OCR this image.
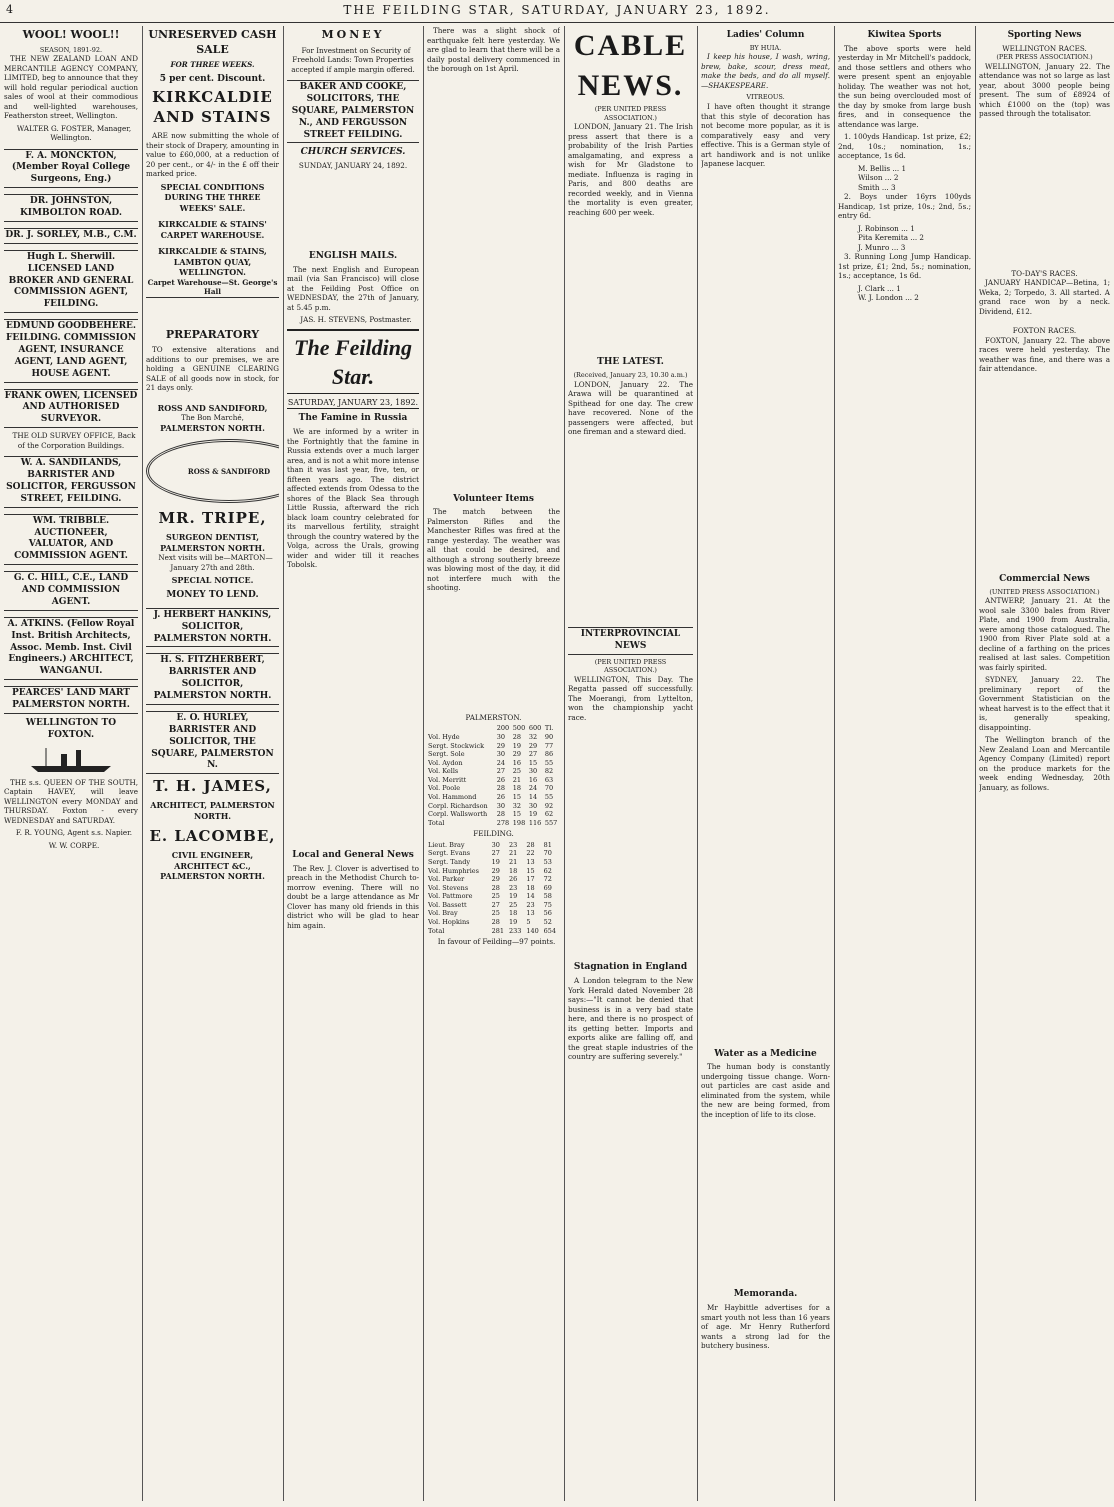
4	THE FEILDING STAR, SATURDAY, JANUARY 23, 1892.
WOOL! WOOL!!
SEASON, 1891-92.

THE NEW ZEALAND LOAN AND MERCANTILE AGENCY COMPANY, LIMITED, beg to announce that they will hold regular periodical auction sales of wool at their commodious and well-lighted warehouses, Featherston street, Wellington.

WALTER G. FOSTER, Manager, Wellington.

F. A. MONCKTON, (Member Royal College Surgeons, Eng.)
DR. JOHNSTON, KIMBOLTON ROAD.
DR. J. SORLEY, M.B., C.M.
Hugh L. Sherwill. LICENSED LAND BROKER AND GENERAL COMMISSION AGENT, FEILDING.
EDMUND GOODBEHERE. FEILDING. COMMISSION AGENT, INSURANCE AGENT, LAND AGENT, HOUSE AGENT.
FRANK OWEN, LICENSED AND AUTHORISED SURVEYOR.

THE OLD SURVEY OFFICE, Back of the Corporation Buildings.

W. A. SANDILANDS, BARRISTER AND SOLICITOR, FERGUSSON STREET, FEILDING.
WM. TRIBBLE. AUCTIONEER, VALUATOR, AND COMMISSION AGENT.
G. C. HILL, C.E., LAND AND COMMISSION AGENT.
A. ATKINS. (Fellow Royal Inst. British Architects, Assoc. Memb. Inst. Civil Engineers.) ARCHITECT, WANGANUI.
PEARCES' LAND MART PALMERSTON NORTH.
WELLINGTON TO FOXTON.

THE s.s. QUEEN OF THE SOUTH, Captain HAVEY, will leave WELLINGTON every MONDAY and THURSDAY. Foxton - every WEDNESDAY and SATURDAY.

F. R. YOUNG, Agent s.s. Napier.

W. W. CORPE.

UNRESERVED CASH SALE
FOR THREE WEEKS.
5 per cent. Discount.
KIRKCALDIE AND STAINS

ARE now submitting the whole of their stock of Drapery, amounting in value to £60,000, at a reduction of 20 per cent., or 4/- in the £ off their marked price.

SPECIAL CONDITIONS DURING THE THREE WEEKS' SALE.
KIRKCALDIE & STAINS' CARPET WAREHOUSE.
KIRKCALDIE & STAINS, LAMBTON QUAY, WELLINGTON.
Carpet Warehouse—St. George's Hall
PREPARATORY

TO extensive alterations and additions to our premises, we are holding a GENUINE CLEARING SALE of all goods now in stock, for 21 days only.

ROSS AND SANDIFORD,
The Bon Marché,
PALMERSTON NORTH.
ROSS & SANDIFORD
MR. TRIPE,
SURGEON DENTIST, PALMERSTON NORTH.

Next visits will be—MARTON—January 27th and 28th.

SPECIAL NOTICE.
MONEY TO LEND.
J. HERBERT HANKINS, SOLICITOR, PALMERSTON NORTH.
H. S. FITZHERBERT, BARRISTER AND SOLICITOR, PALMERSTON NORTH.
E. O. HURLEY, BARRISTER AND SOLICITOR, THE SQUARE, PALMERSTON N.
T. H. JAMES,
ARCHITECT, PALMERSTON NORTH.
E. LACOMBE,
CIVIL ENGINEER, ARCHITECT &C., PALMERSTON NORTH.
MONEY

For Investment on Security of Freehold Lands: Town Properties accepted if ample margin offered.

BAKER AND COOKE, SOLICITORS, THE SQUARE, PALMERSTON N., AND FERGUSSON STREET FEILDING.
CHURCH SERVICES.
SUNDAY, JANUARY 24, 1892.
ENGLISH MAILS.

The next English and European mail (via San Francisco) will close at the Feilding Post Office on WEDNESDAY, the 27th of January, at 5.45 p.m.

JAS. H. STEVENS, Postmaster.

The Feilding Star.
SATURDAY, JANUARY 23, 1892.
The Famine in Russia

We are informed by a writer in the Fortnightly that the famine in Russia extends over a much larger area, and is not a whit more intense than it was last year, five, ten, or fifteen years ago. The district affected extends from Odessa to the shores of the Black Sea through Little Russia, afterward the rich black loam country celebrated for its marvellous fertility, straight through the country watered by the Volga, across the Urals, growing wider and wider till it reaches Tobolsk.

Local and General News

The Rev. J. Clover is advertised to preach in the Methodist Church to-morrow evening. There will no doubt be a large attendance as Mr Clover has many old friends in this district who will be glad to hear him again.

There was a slight shock of earthquake felt here yesterday. We are glad to learn that there will be a daily postal delivery commenced in the borough on 1st April.

Volunteer Items

The match between the Palmerston Rifles and the Manchester Rifles was fired at the range yesterday. The weather was all that could be desired, and although a strong southerly breeze was blowing most of the day, it did not interfere much with the shooting.

PALMERSTON.
	200	500	600	Tl.
Vol. Hyde	30	28	32	90
Sergt. Stockwick	29	19	29	77
Sergt. Sole	30	29	27	86
Vol. Aydon	24	16	15	55
Vol. Kells	27	25	30	82
Vol. Merritt	26	21	16	63
Vol. Poole	28	18	24	70
Vol. Hammond	26	15	14	55
Corpl. Richardson	30	32	30	92
Corpl. Wallsworth	28	15	19	62
Total	278	198	116	557
FEILDING.
Lieut. Bray	30	23	28	81
Sergt. Evans	27	21	22	70
Sergt. Tandy	19	21	13	53
Vol. Humphries	29	18	15	62
Vol. Parker	29	26	17	72
Vol. Stevens	28	23	18	69
Vol. Pattmore	25	19	14	58
Vol. Bassett	27	25	23	75
Vol. Bray	25	18	13	56
Vol. Hopkins	28	19	5	52
Total	281	233	140	654

In favour of Feilding—97 points.

CABLE NEWS.
(PER UNITED PRESS ASSOCIATION.)

LONDON, January 21. The Irish press assert that there is a probability of the Irish Parties amalgamating, and express a wish for Mr Gladstone to mediate. Influenza is raging in Paris, and 800 deaths are recorded weekly, and in Vienna the mortality is even greater, reaching 600 per week.

THE LATEST.
(Received, January 23, 10.30 a.m.)

LONDON, January 22. The Arawa will be quarantined at Spithead for one day. The crew have recovered. None of the passengers were affected, but one fireman and a steward died.

INTERPROVINCIAL NEWS
(PER UNITED PRESS ASSOCIATION.)

WELLINGTON, This Day. The Regatta passed off successfully. The Moerangi, from Lyttelton, won the championship yacht race.

Stagnation in England

A London telegram to the New York Herald dated November 28 says:—"It cannot be denied that business is in a very bad state here, and there is no prospect of its getting better. Imports and exports alike are falling off, and the great staple industries of the country are suffering severely."

Ladies' Column
BY HUIA.

I keep his house, I wash, wring, brew, bake, scour, dress meat, make the beds, and do all myself. —SHAKESPEARE.

VITREOUS.

I have often thought it strange that this style of decoration has not become more popular, as it is comparatively easy and very effective. This is a German style of art handiwork and is not unlike Japanese lacquer.

Water as a Medicine

The human body is constantly undergoing tissue change. Worn-out particles are cast aside and eliminated from the system, while the new are being formed, from the inception of life to its close.

Memoranda.

Mr Haybittle advertises for a smart youth not less than 16 years of age. Mr Henry Rutherford wants a strong lad for the butchery business.

Kiwitea Sports

The above sports were held yesterday in Mr Mitchell's paddock, and those settlers and others who were present spent an enjoyable holiday. The weather was not hot, the sun being overclouded most of the day by smoke from large bush fires, and in consequence the attendance was large.

1. 100yds Handicap. 1st prize, £2; 2nd, 10s.; nomination, 1s.; acceptance, 1s 6d.

M. Bellis ... 1
Wilson ... 2
Smith ... 3

2. Boys under 16yrs 100yds Handicap, 1st prize, 10s.; 2nd, 5s.; entry 6d.

J. Robinson ... 1
Pita Keremita ... 2
J. Munro ... 3

3. Running Long Jump Handicap. 1st prize, £1; 2nd, 5s.; nomination, 1s.; acceptance, 1s 6d.

J. Clark ... 1
W. J. London ... 2
Sporting News
WELLINGTON RACES.
(PER PRESS ASSOCIATION.)

WELLINGTON, January 22. The attendance was not so large as last year, about 3000 people being present. The sum of £8924 of which £1000 on the (top) was passed through the totalisator.

TO-DAY'S RACES.

JANUARY HANDICAP—Betina, 1; Weka, 2; Torpedo, 3. All started. A grand race won by a neck. Dividend, £12.

FOXTON RACES.

FOXTON, January 22. The above races were held yesterday. The weather was fine, and there was a fair attendance.

Commercial News
(UNITED PRESS ASSOCIATION.)

ANTWERP, January 21. At the wool sale 3300 bales from River Plate, and 1900 from Australia, were among those catalogued. The 1900 from River Plate sold at a decline of a farthing on the prices realised at last sales. Competition was fairly spirited.

SYDNEY, January 22. The preliminary report of the Government Statistician on the wheat harvest is to the effect that it is, generally speaking, disappointing.

The Wellington branch of the New Zealand Loan and Mercantile Agency Company (Limited) report on the produce markets for the week ending Wednesday, 20th January, as follows.
